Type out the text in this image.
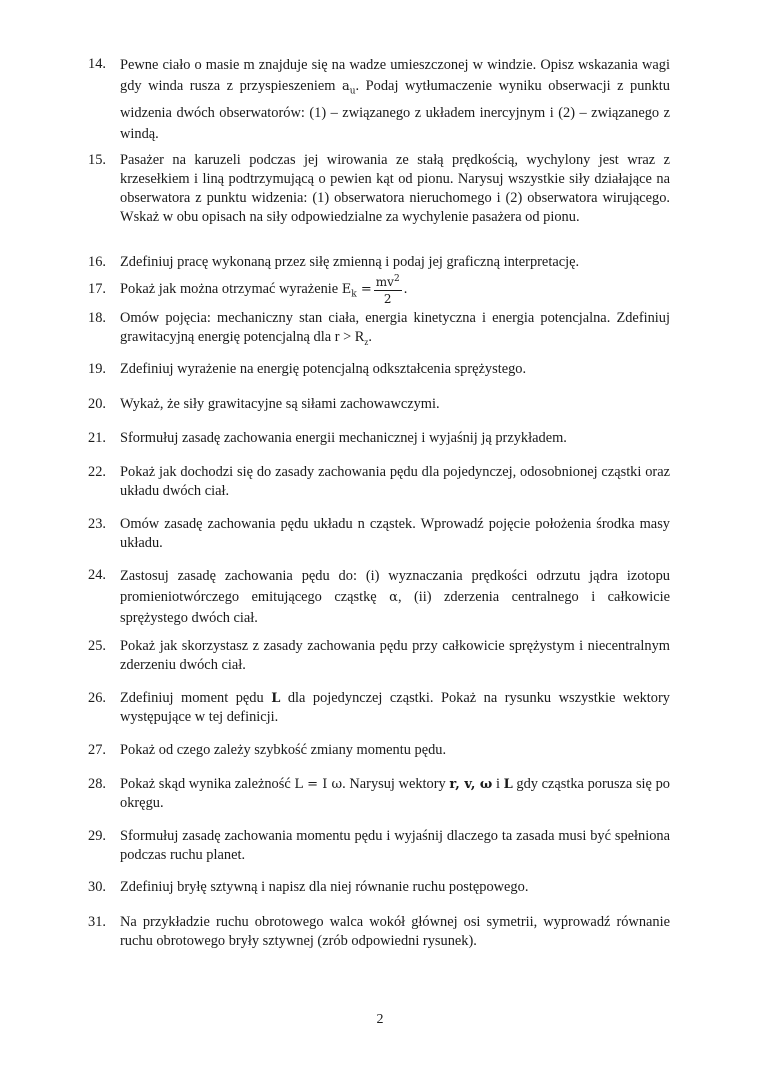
14. Pewne ciało o masie m znajduje się na wadze umieszczonej w windzie. Opisz wskazania wagi gdy winda rusza z przyspieszeniem $a_u$. Podaj wytłumaczenie wyniku obserwacji z punktu widzenia dwóch obserwatorów: (1) – związanego z układem inercyjnym i (2) – związanego z windą.
15. Pasażer na karuzeli podczas jej wirowania ze stałą prędkością, wychylony jest wraz z krzesełkiem i liną podtrzymującą o pewien kąt od pionu. Narysuj wszystkie siły działające na obserwatora z punktu widzenia: (1) obserwatora nieruchomego i (2) obserwatora wirującego. Wskaż w obu opisach na siły odpowiedzialne za wychylenie pasażera od pionu.
16. Zdefiniuj pracę wykonaną przez siłę zmienną i podaj jej graficzną interpretację.
17. Pokaż jak można otrzymać wyrażenie $E_k = \frac{mv^2}{2}$ .
18. Omów pojęcia: mechaniczny stan ciała, energia kinetyczna i energia potencjalna. Zdefiniuj grawitacyjną energię potencjalną dla $r > R_z$.
19. Zdefiniuj wyrażenie na energię potencjalną odkształcenia sprężystego.
20. Wykaż, że siły grawitacyjne są siłami zachowawczymi.
21. Sformułuj zasadę zachowania energii mechanicznej i wyjaśnij ją przykładem.
22. Pokaż jak dochodzi się do zasady zachowania pędu dla pojedynczej, odosobnionej cząstki oraz układu dwóch ciał.
23. Omów zasadę zachowania pędu układu n cząstek. Wprowadź pojęcie położenia środka masy układu.
24. Zastosuj zasadę zachowania pędu do: (i) wyznaczania prędkości odrzutu jądra izotopu promieniotwórczego emitującego cząstkę α, (ii) zderzenia centralnego i całkowicie sprężystego dwóch ciał.
25. Pokaż jak skorzystasz z zasady zachowania pędu przy całkowicie sprężystym i niecentralnym zderzeniu dwóch ciał.
26. Zdefiniuj moment pędu L dla pojedynczej cząstki. Pokaż na rysunku wszystkie wektory występujące w tej definicji.
27. Pokaż od czego zależy szybkość zmiany momentu pędu.
28. Pokaż skąd wynika zależność L = I ω. Narysuj wektory r, v, ω i L gdy cząstka porusza się po okręgu.
29. Sformułuj zasadę zachowania momentu pędu i wyjaśnij dlaczego ta zasada musi być spełniona podczas ruchu planet.
30. Zdefiniuj bryłę sztywną i napisz dla niej równanie ruchu postępowego.
31. Na przykładzie ruchu obrotowego walca wokół głównej osi symetrii, wyprowadź równanie ruchu obrotowego bryły sztywnej (zrób odpowiedni rysunek).
2
